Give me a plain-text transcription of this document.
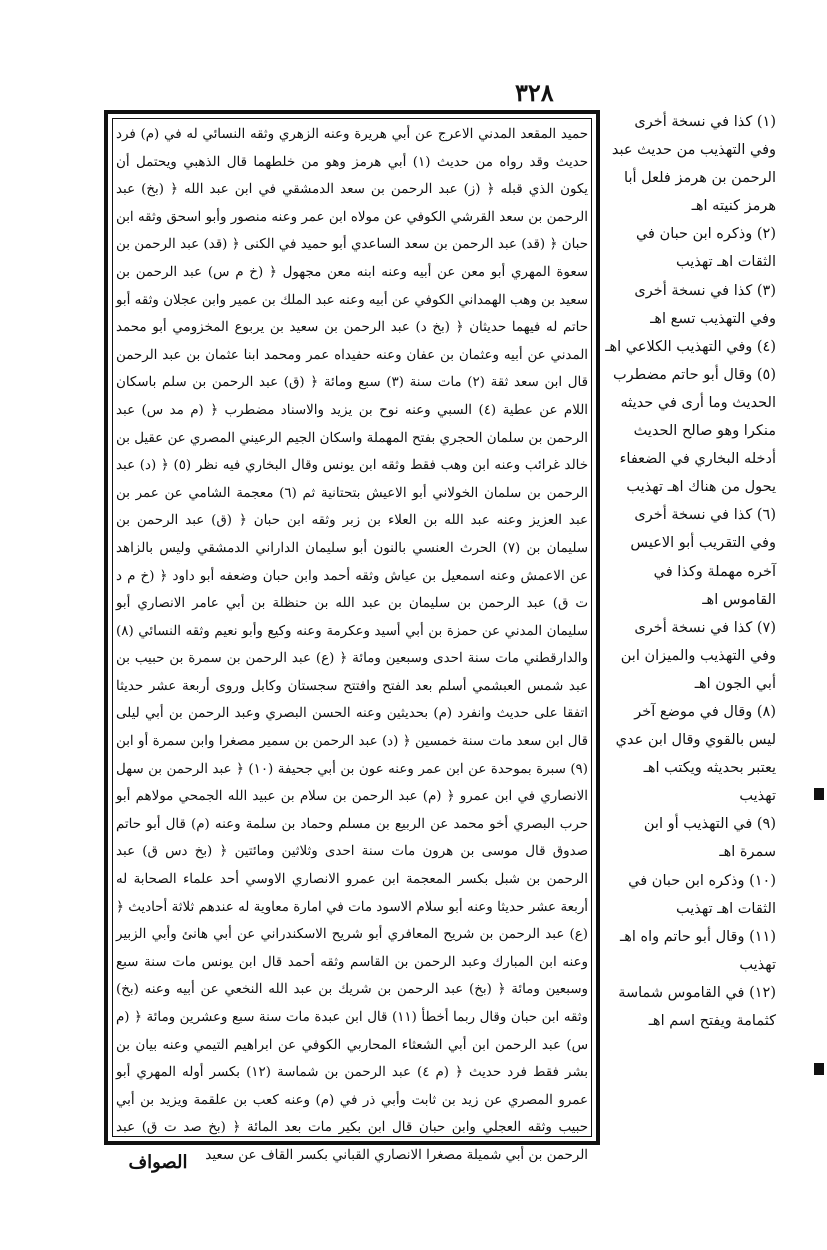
٣٢٨

حميد المقعد المدني الاعرج عن أبي هريرة وعنه الزهري وثقه النسائي له في (م) فرد حديث وقد رواه من حديث (١) أبي هرمز وهو من خلطهما قال الذهبي ويحتمل أن يكون الذي قبله ﴿ (ز) عبد الرحمن بن سعد الدمشقي في ابن عبد الله ﴿ (بخ) عبد الرحمن بن سعد القرشي الكوفي عن مولاه ابن عمر وعنه منصور وأبو اسحق وثقه ابن حبان ﴿ (قد) عبد الرحمن بن سعد الساعدي أبو حميد في الكنى ﴿ (قد) عبد الرحمن بن سعوة المهري أبو معن عن أبيه وعنه ابنه معن مجهول ﴿ (خ م س) عبد الرحمن بن سعيد بن وهب الهمداني الكوفي عن أبيه وعنه عبد الملك بن عمير وابن عجلان وثقه أبو حاتم له فيهما حديثان ﴿ (بخ د) عبد الرحمن بن سعيد بن يربوع المخزومي أبو محمد المدني عن أبيه وعثمان بن عفان وعنه حفيداه عمر ومحمد ابنا عثمان بن عبد الرحمن قال ابن سعد ثقة (٢) مات سنة (٣) سبع ومائة ﴿ (ق) عبد الرحمن بن سلم باسكان اللام عن عطية (٤) السبي وعنه نوح بن يزيد والاسناد مضطرب ﴿ (م مد س) عبد الرحمن بن سلمان الحجري بفتح المهملة واسكان الجيم الرعيني المصري عن عقيل بن خالد غرائب وعنه ابن وهب فقط وثقه ابن يونس وقال البخاري فيه نظر (٥) ﴿ (د) عبد الرحمن بن سلمان الخولاني أبو الاعيش بتحتانية ثم (٦) معجمة الشامي عن عمر بن عبد العزيز وعنه عبد الله بن العلاء بن زبر وثقه ابن حبان ﴿ (ق) عبد الرحمن بن سليمان بن (٧) الحرث العنسي بالنون أبو سليمان الداراني الدمشقي وليس بالزاهد عن الاعمش وعنه اسمعيل بن عياش وثقه أحمد وابن حبان وضعفه أبو داود ﴿ (خ م د ت ق) عبد الرحمن بن سليمان بن عبد الله بن حنظلة بن أبي عامر الانصاري أبو سليمان المدني عن حمزة بن أبي أسيد وعكرمة وعنه وكيع وأبو نعيم وثقه النسائي (٨) والدارقطني مات سنة احدى وسبعين ومائة ﴿ (ع) عبد الرحمن بن سمرة بن حبيب بن عبد شمس العبشمي أسلم بعد الفتح وافتتح سجستان وكابل وروى أربعة عشر حديثا اتفقا على حديث وانفرد (م) بحديثين وعنه الحسن البصري وعبد الرحمن بن أبي ليلى قال ابن سعد مات سنة خمسين ﴿ (د) عبد الرحمن بن سمير مصغرا وابن سمرة أو ابن (٩) سبرة بموحدة عن ابن عمر وعنه عون بن أبي جحيفة (١٠) ﴿ عبد الرحمن بن سهل الانصاري في ابن عمرو ﴿ (م) عبد الرحمن بن سلام بن عبيد الله الجمحي مولاهم أبو حرب البصري أخو محمد عن الربيع بن مسلم وحماد بن سلمة وعنه (م) قال أبو حاتم صدوق قال موسى بن هرون مات سنة احدى وثلاثين ومائتين ﴿ (بخ دس ق) عبد الرحمن بن شبل بكسر المعجمة ابن عمرو الانصاري الاوسي أحد علماء الصحابة له أربعة عشر حديثا وعنه أبو سلام الاسود مات في امارة معاوية له عندهم ثلاثة أحاديث ﴿ (ع) عبد الرحمن بن شريح المعافري أبو شريح الاسكندراني عن أبي هانئ وأبي الزبير وعنه ابن المبارك وعبد الرحمن بن القاسم وثقه أحمد قال ابن يونس مات سنة سبع وسبعين ومائة ﴿ (بخ) عبد الرحمن بن شريك بن عبد الله النخعي عن أبيه وعنه (بخ) وثقه ابن حبان وقال ربما أخطأ (١١) قال ابن عبدة مات سنة سبع وعشرين ومائة ﴿ (م س) عبد الرحمن ابن أبي الشعثاء المحاربي الكوفي عن ابراهيم التيمي وعنه بيان بن بشر فقط فرد حديث ﴿ (م ٤) عبد الرحمن بن شماسة (١٢) بكسر أوله المهري أبو عمرو المصري عن زيد بن ثابت وأبي ذر في (م) وعنه كعب بن علقمة ويزيد بن أبي حبيب وثقه العجلي وابن حبان قال ابن بكير مات بعد المائة ﴿ (بخ صد ت ق) عبد الرحمن بن أبي شميلة مصغرا الانصاري القباني بكسر القاف عن سعيد

(١) كذا في نسخة أخرى وفي التهذيب من حديث عبد الرحمن بن هرمز فلعل أبا هرمز كنيته اهـ

(٢) وذكره ابن حبان في الثقات اهـ تهذيب

(٣) كذا في نسخة أخرى وفي التهذيب تسع اهـ

(٤) وفي التهذيب الكلاعي اهـ

(٥) وقال أبو حاتم مضطرب الحديث وما أرى في حديثه منكرا وهو صالح الحديث أدخله البخاري في الضعفاء يحول من هناك اهـ تهذيب

(٦) كذا في نسخة أخرى وفي التقريب أبو الاعيس آخره مهملة وكذا في القاموس اهـ

(٧) كذا في نسخة أخرى وفي التهذيب والميزان ابن أبي الجون اهـ

(٨) وقال في موضع آخر ليس بالقوي وقال ابن عدي يعتبر بحديثه ويكتب اهـ تهذيب

(٩) في التهذيب أو ابن سمرة اهـ

(١٠) وذكره ابن حبان في الثقات اهـ تهذيب

(١١) وقال أبو حاتم واه اهـ تهذيب

(١٢) في القاموس شماسة كثمامة ويفتح اسم اهـ

الصواف
